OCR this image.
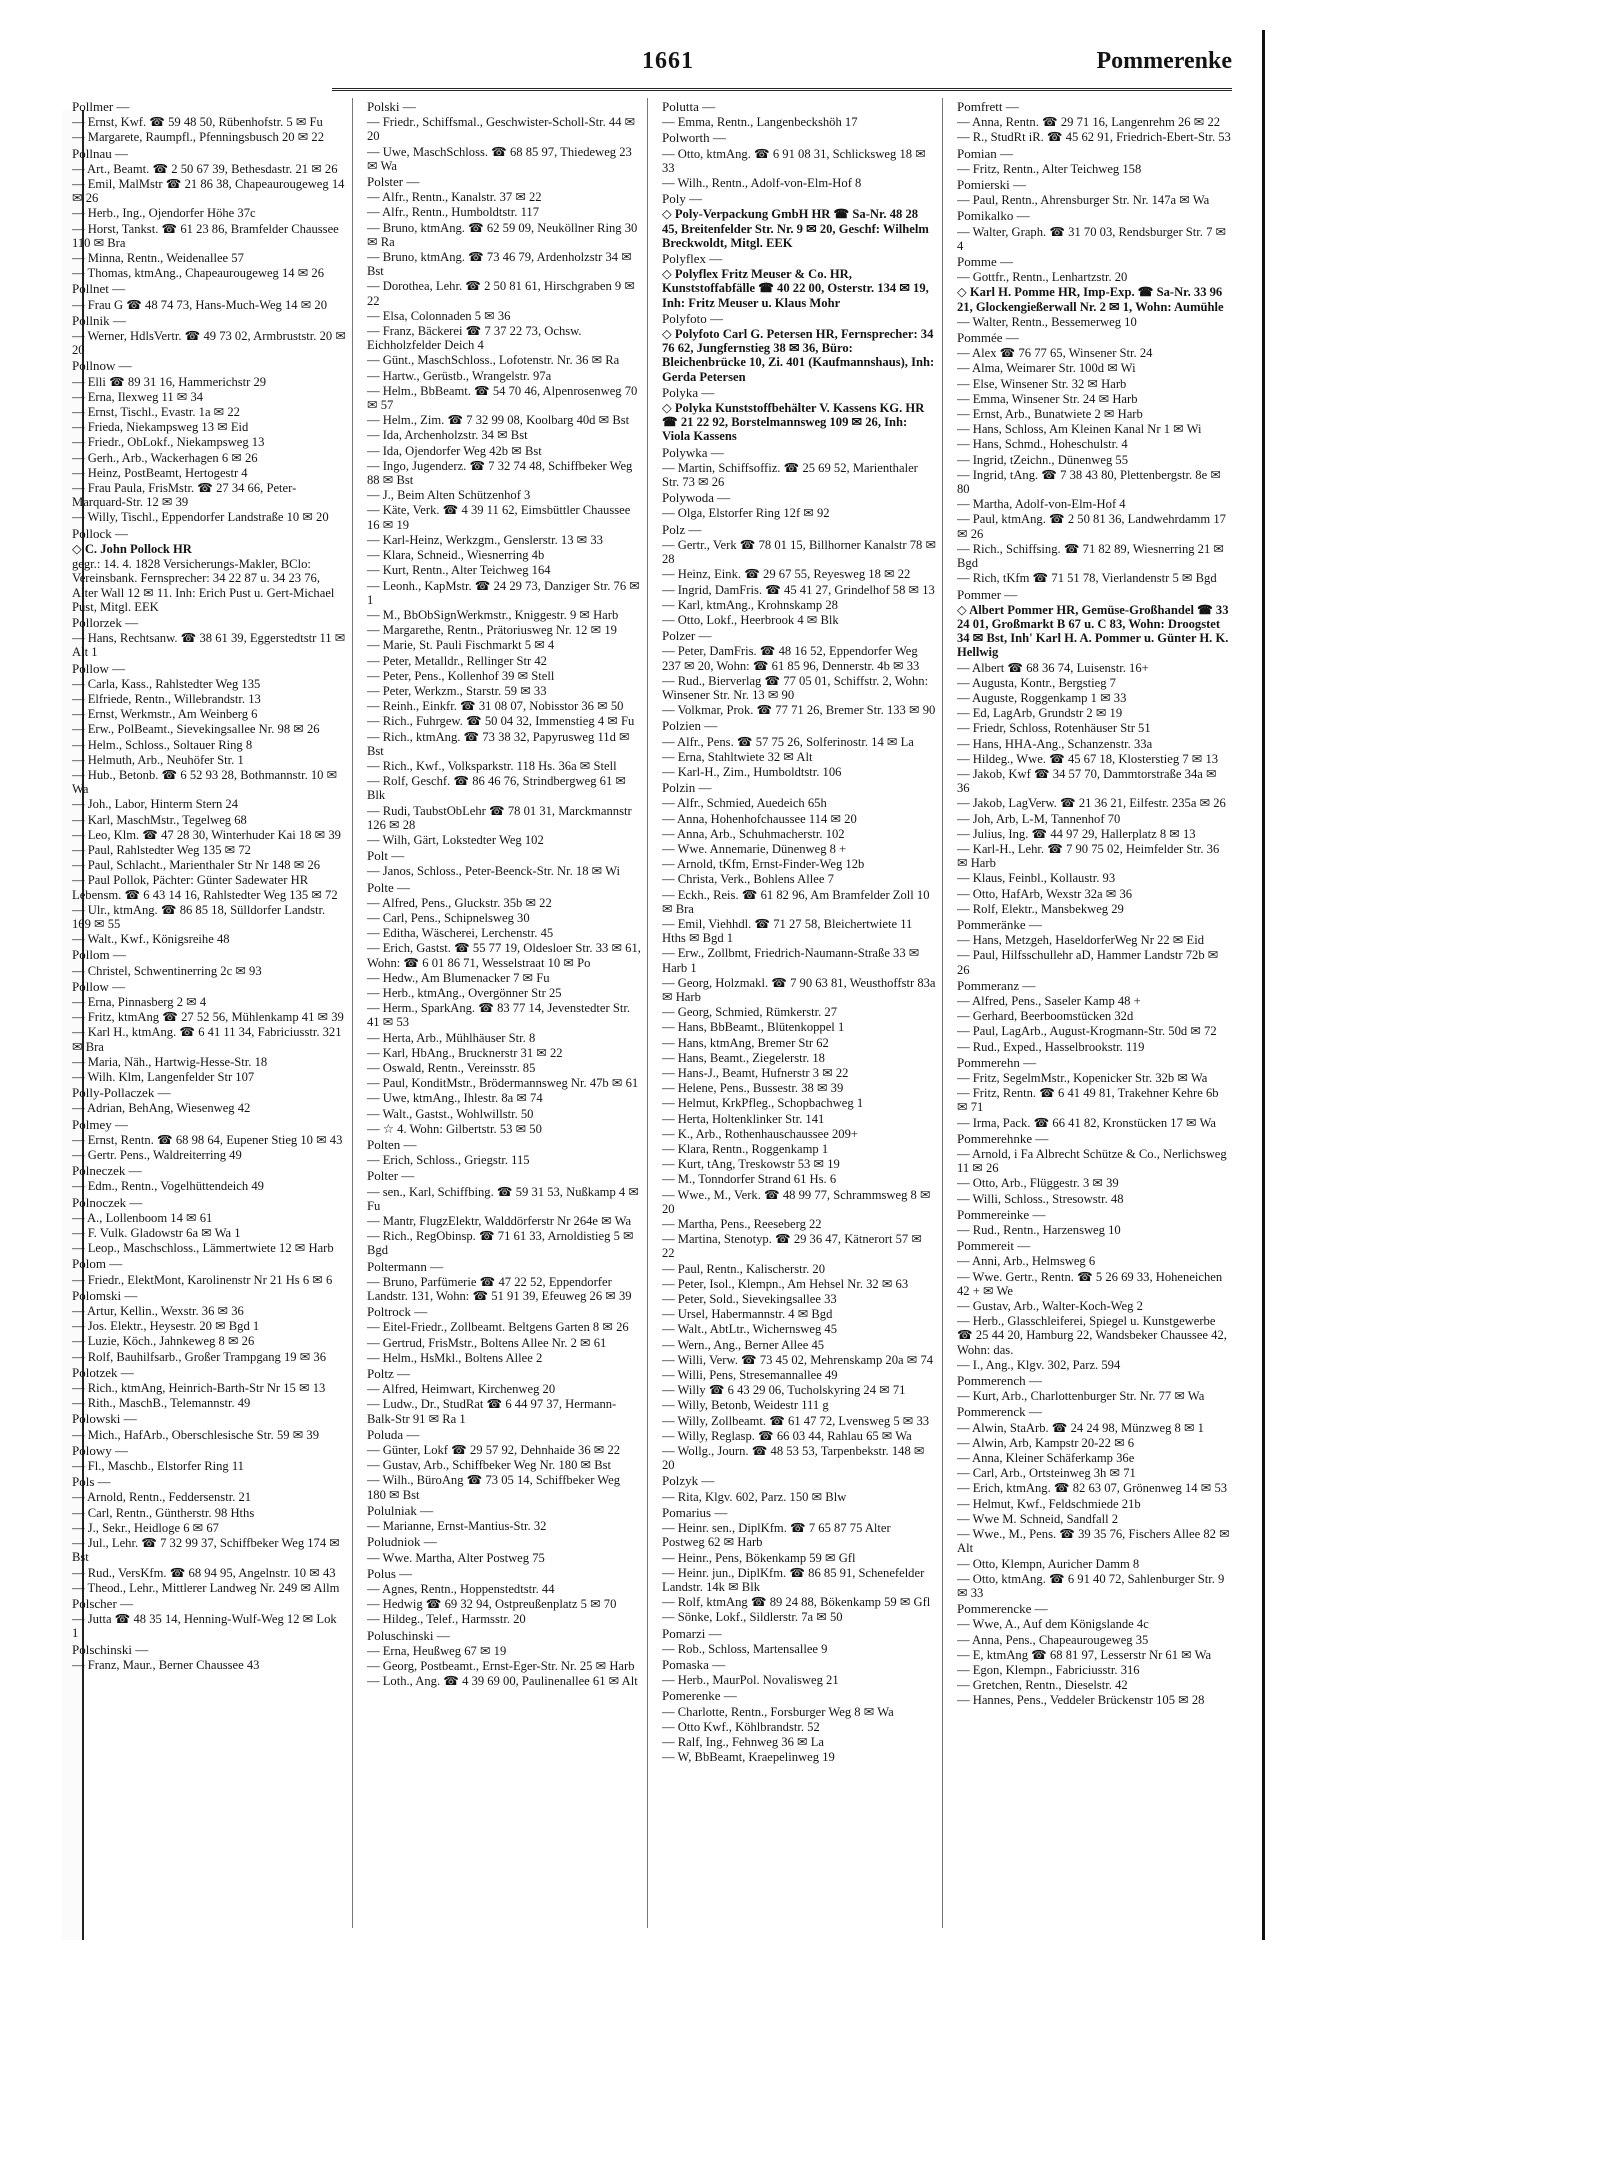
1661	Pommerenke
Pollmer —
— Ernst, Kwf. ☎ 59 48 50, Rübenhofstr. 5 ✉ Fu
— Margarete, Raumpfl., Pfenningsbusch 20 ✉ 22
Pollnau —
— Art., Beamt. ☎ 2 50 67 39, Bethesdastr. 21 ✉ 26
— Emil, MalMstr ☎ 21 86 38, Chapeaurougeweg 14 ✉ 26
— Herb., Ing., Ojendorfer Höhe 37c
— Horst, Tankst. ☎ 61 23 86, Bramfelder Chaussee 110 ✉ Bra
— Minna, Rentn., Weidenallee 57
— Thomas, ktmAng., Chapeaurougeweg 14 ✉ 26
Pollnet —
— Frau G ☎ 48 74 73, Hans-Much-Weg 14 ✉ 20
Pollnik —
— Werner, HdlsVertr. ☎ 49 73 02, Armbruststr. 20 ✉ 20
Pollnow —
— Elli ☎ 89 31 16, Hammerichstr 29
— Erna, Ilexweg 11 ✉ 34
— Ernst, Tischl., Evastr. 1a ✉ 22
— Frieda, Niekampsweg 13 ✉ Eid
— Friedr., ObLokf., Niekampsweg 13
— Gerh., Arb., Wackerhagen 6 ✉ 26
— Heinz, PostBeamt, Hertogestr 4
— Frau Paula, FrisMstr. ☎ 27 34 66, Peter-Marquard-Str. 12 ✉ 39
— Willy, Tischl., Eppendorfer Landstraße 10 ✉ 20
Pollock —
◇ C. John Pollock HR
gegr.: 14. 4. 1828 Versicherungs-Makler, BClo: Vereinsbank. Fernsprecher: 34 22 87 u. 34 23 76, Alter Wall 12 ✉ 11. Inh: Erich Pust u. Gert-Michael Pust, Mitgl. EEK
Pollorzek —
— Hans, Rechtsanw. ☎ 38 61 39, Eggerstedtstr 11 ✉ Alt 1
Pollow —
— Carla, Kass., Rahlstedter Weg 135
— Elfriede, Rentn., Willebrandstr. 13
— Ernst, Werkmstr., Am Weinberg 6
— Erw., PolBeamt., Sievekingsallee Nr. 98 ✉ 26
— Helm., Schloss., Soltauer Ring 8
— Helmuth, Arb., Neuhöfer Str. 1
— Hub., Betonb. ☎ 6 52 93 28, Bothmannstr. 10 ✉ Wa
— Joh., Labor, Hinterm Stern 24
— Karl, MaschMstr., Tegelweg 68
— Leo, Klm. ☎ 47 28 30, Winterhuder Kai 18 ✉ 39
— Paul, Rahlstedter Weg 135 ✉ 72
— Paul, Schlacht., Marienthaler Str Nr 148 ✉ 26
— Paul Pollok, Pächter: Günter Sadewater HR Lebensm. ☎ 6 43 14 16, Rahlstedter Weg 135 ✉ 72
— Ulr., ktmAng. ☎ 86 85 18, Sülldorfer Landstr. 169 ✉ 55
— Walt., Kwf., Königsreihe 48
Pollom —
— Christel, Schwentinerring 2c ✉ 93
Pollow —
— Erna, Pinnasberg 2 ✉ 4
— Fritz, ktmAng ☎ 27 52 56, Mühlenkamp 41 ✉ 39
— Karl H., ktmAng. ☎ 6 41 11 34, Fabriciusstr. 321 ✉ Bra
— Maria, Näh., Hartwig-Hesse-Str. 18
— Wilh. Klm, Langenfelder Str 107
Polly-Pollaczek —
— Adrian, BehAng, Wiesenweg 42
Polmey —
— Ernst, Rentn. ☎ 68 98 64, Eupener Stieg 10 ✉ 43
— Gertr. Pens., Waldreiterring 49
Polneczek —
— Edm., Rentn., Vogelhüttendeich 49
Polnoczek —
— A., Lollenboom 14 ✉ 61
— F. Vulk. Gladowstr 6a ✉ Wa 1
— Leop., Maschschloss., Lämmertwiete 12 ✉ Harb
Polom —
— Friedr., ElektMont, Karolinenstr Nr 21 Hs 6 ✉ 6
Polomski —
— Artur, Kellin., Wexstr. 36 ✉ 36
— Jos. Elektr., Heysestr. 20 ✉ Bgd 1
— Luzie, Köch., Jahnkeweg 8 ✉ 26
— Rolf, Bauhilfsarb., Großer Trampgang 19 ✉ 36
Polotzek —
— Rich., ktmAng, Heinrich-Barth-Str Nr 15 ✉ 13
— Rith., MaschB., Telemannstr. 49
Polowski —
— Mich., HafArb., Oberschlesische Str. 59 ✉ 39
Polowy —
— Fl., Maschb., Elstorfer Ring 11
Pols —
— Arnold, Rentn., Feddersenstr. 21
— Carl, Rentn., Güntherstr. 98 Hths
— J., Sekr., Heidloge 6 ✉ 67
— Jul., Lehr. ☎ 7 32 99 37, Schiffbeker Weg 174 ✉ Bst
— Rud., VersKfm. ☎ 68 94 95, Angelnstr. 10 ✉ 43
— Theod., Lehr., Mittlerer Landweg Nr. 249 ✉ Allm
Polscher —
— Jutta ☎ 48 35 14, Henning-Wulf-Weg 12 ✉ Lok 1
Polschinski —
— Franz, Maur., Berner Chaussee 43
Polski —
— Friedr., Schiffsmal., Geschwister-Scholl-Str. 44 ✉ 20
— Uwe, MaschSchloss. ☎ 68 85 97, Thiedeweg 23 ✉ Wa
Polster —
— Alfr., Rentn., Kanalstr. 37 ✉ 22
— Alfr., Rentn., Humboldtstr. 117
— Bruno, ktmAng. ☎ 62 59 09, Neuköllner Ring 30 ✉ Ra
— Bruno, ktmAng. ☎ 73 46 79, Ardenholzstr 34 ✉ Bst
— Dorothea, Lehr. ☎ 2 50 81 61, Hirschgraben 9 ✉ 22
— Elsa, Colonnaden 5 ✉ 36
— Franz, Bäckerei ☎ 7 37 22 73, Ochsw. Eichholzfelder Deich 4
— Günt., MaschSchloss., Lofotenstr. Nr. 36 ✉ Ra
— Hartw., Gerüstb., Wrangelstr. 97a
— Helm., BbBeamt. ☎ 54 70 46, Alpenrosenweg 70 ✉ 57
— Helm., Zim. ☎ 7 32 99 08, Koolbarg 40d ✉ Bst
— Ida, Archenholzstr. 34 ✉ Bst
— Ida, Ojendorfer Weg 42b ✉ Bst
— Ingo, Jugenderz. ☎ 7 32 74 48, Schiffbeker Weg 88 ✉ Bst
— J., Beim Alten Schützenhof 3
— Käte, Verk. ☎ 4 39 11 62, Eimsbüttler Chaussee 16 ✉ 19
— Karl-Heinz, Werkzgm., Genslerstr. 13 ✉ 33
— Klara, Schneid., Wiesnerring 4b
— Kurt, Rentn., Alter Teichweg 164
— Leonh., KapMstr. ☎ 24 29 73, Danziger Str. 76 ✉ 1
— M., BbObSignWerkmstr., Kniggestr. 9 ✉ Harb
— Margarethe, Rentn., Prätoriusweg Nr. 12 ✉ 19
— Marie, St. Pauli Fischmarkt 5 ✉ 4
— Peter, Metalldr., Rellinger Str 42
— Peter, Pens., Kollenhof 39 ✉ Stell
— Peter, Werkzm., Starstr. 59 ✉ 33
— Reinh., Einkfr. ☎ 31 08 07, Nobisstor 36 ✉ 50
— Rich., Fuhrgew. ☎ 50 04 32, Immenstieg 4 ✉ Fu
— Rich., ktmAng. ☎ 73 38 32, Papyrusweg 11d ✉ Bst
— Rich., Kwf., Volksparkstr. 118 Hs. 36a ✉ Stell
— Rolf, Geschf. ☎ 86 46 76, Strindbergweg 61 ✉ Blk
— Rudi, TaubstObLehr ☎ 78 01 31, Marckmannstr 126 ✉ 28
— Wilh, Gärt, Lokstedter Weg 102
Polt —
— Janos, Schloss., Peter-Beenck-Str. Nr. 18 ✉ Wi
Polte —
— Alfred, Pens., Gluckstr. 35b ✉ 22
— Carl, Pens., Schipnelsweg 30
— Editha, Wäscherei, Lerchenstr. 45
— Erich, Gastst. ☎ 55 77 19, Oldesloer Str. 33 ✉ 61, Wohn: ☎ 6 01 86 71, Wesselstraat 10 ✉ Po
— Hedw., Am Blumenacker 7 ✉ Fu
— Herb., ktmAng., Overgönner Str 25
— Herm., SparkAng. ☎ 83 77 14, Jevenstedter Str. 41 ✉ 53
— Herta, Arb., Mühlhäuser Str. 8
— Karl, HbAng., Brucknerstr 31 ✉ 22
— Oswald, Rentn., Vereinsstr. 85
— Paul, KonditMstr., Brödermannsweg Nr. 47b ✉ 61
— Uwe, ktmAng., Ihlestr. 8a ✉ 74
— Walt., Gastst., Wohlwillstr. 50
— ☆ 4. Wohn: Gilbertstr. 53 ✉ 50
Polten —
— Erich, Schloss., Griegstr. 115
Polter —
— sen., Karl, Schiffbing. ☎ 59 31 53, Nußkamp 4 ✉ Fu
— Mantr, FlugzElektr, Walddörferstr Nr 264e ✉ Wa
— Rich., RegObinsp. ☎ 71 61 33, Arnoldistieg 5 ✉ Bgd
Poltermann —
— Bruno, Parfümerie ☎ 47 22 52, Eppendorfer Landstr. 131, Wohn: ☎ 51 91 39, Efeuweg 26 ✉ 39
Poltrock —
— Eitel-Friedr., Zollbeamt. Beltgens Garten 8 ✉ 26
— Gertrud, FrisMstr., Boltens Allee Nr. 2 ✉ 61
— Helm., HsMkl., Boltens Allee 2
Poltz —
— Alfred, Heimwart, Kirchenweg 20
— Ludw., Dr., StudRat ☎ 6 44 97 37, Hermann-Balk-Str 91 ✉ Ra 1
Poluda —
— Günter, Lokf ☎ 29 57 92, Dehnhaide 36 ✉ 22
— Gustav, Arb., Schiffbeker Weg Nr. 180 ✉ Bst
— Wilh., BüroAng ☎ 73 05 14, Schiffbeker Weg 180 ✉ Bst
Polulniak —
— Marianne, Ernst-Mantius-Str. 32
Poludniok —
— Wwe. Martha, Alter Postweg 75
Polus —
— Agnes, Rentn., Hoppenstedtstr. 44
— Hedwig ☎ 69 32 94, Ostpreußenplatz 5 ✉ 70
— Hildeg., Telef., Harmsstr. 20
Poluschinski —
— Erna, Heußweg 67 ✉ 19
— Georg, Postbeamt., Ernst-Eger-Str. Nr. 25 ✉ Harb
— Loth., Ang. ☎ 4 39 69 00, Paulinenallee 61 ✉ Alt
Polutta —
— Emma, Rentn., Langenbeckshöh 17
Polworth —
— Otto, ktmAng. ☎ 6 91 08 31, Schlicksweg 18 ✉ 33
— Wilh., Rentn., Adolf-von-Elm-Hof 8
Poly —
◇ Poly-Verpackung GmbH HR ☎ Sa-Nr. 48 28 45, Breitenfelder Str. Nr. 9 ✉ 20, Geschf: Wilhelm Breckwoldt, Mitgl. EEK
Polyflex —
◇ Polyflex Fritz Meuser & Co. HR, Kunststoffabfälle ☎ 40 22 00, Osterstr. 134 ✉ 19, Inh: Fritz Meuser u. Klaus Mohr
Polyfoto —
◇ Polyfoto Carl G. Petersen HR, Fernsprecher: 34 76 62, Jungfernstieg 38 ✉ 36, Büro: Bleichenbrücke 10, Zi. 401 (Kaufmannshaus), Inh: Gerda Petersen
Polyka —
◇ Polyka Kunststoffbehälter V. Kassens KG. HR ☎ 21 22 92, Borstelmannsweg 109 ✉ 26, Inh: Viola Kassens
Polywka —
— Martin, Schiffsoffiz. ☎ 25 69 52, Marienthaler Str. 73 ✉ 26
Polywoda —
— Olga, Elstorfer Ring 12f ✉ 92
Polz —
— Gertr., Verk ☎ 78 01 15, Billhorner Kanalstr 78 ✉ 28
— Heinz, Eink. ☎ 29 67 55, Reyesweg 18 ✉ 22
— Ingrid, DamFris. ☎ 45 41 27, Grindelhof 58 ✉ 13
— Karl, ktmAng., Krohnskamp 28
— Otto, Lokf., Heerbrook 4 ✉ Blk
Polzer —
— Peter, DamFris. ☎ 48 16 52, Eppendorfer Weg 237 ✉ 20, Wohn: ☎ 61 85 96, Dennerstr. 4b ✉ 33
— Rud., Bierverlag ☎ 77 05 01, Schiffstr. 2, Wohn: Winsener Str. Nr. 13 ✉ 90
— Volkmar, Prok. ☎ 77 71 26, Bremer Str. 133 ✉ 90
Polzien —
— Alfr., Pens. ☎ 57 75 26, Solferinostr. 14 ✉ La
— Erna, Stahltwiete 32 ✉ Alt
— Karl-H., Zim., Humboldtstr. 106
Polzin —
— Alfr., Schmied, Auedeich 65h
— Anna, Hohenhofchaussee 114 ✉ 20
— Anna, Arb., Schuhmacherstr. 102
— Wwe. Annemarie, Dünenweg 8 +
— Arnold, tKfm, Ernst-Finder-Weg 12b
— Christa, Verk., Bohlens Allee 7
— Eckh., Reis. ☎ 61 82 96, Am Bramfelder Zoll 10 ✉ Bra
— Emil, Viehhdl. ☎ 71 27 58, Bleichertwiete 11 Hths ✉ Bgd 1
— Erw., Zollbmt, Friedrich-Naumann-Straße 33 ✉ Harb 1
— Georg, Holzmakl. ☎ 7 90 63 81, Weusthoffstr 83a ✉ Harb
— Georg, Schmied, Rümkerstr. 27
— Hans, BbBeamt., Blütenkoppel 1
— Hans, ktmAng, Bremer Str 62
— Hans, Beamt., Ziegelerstr. 18
— Hans-J., Beamt, Hufnerstr 3 ✉ 22
— Helene, Pens., Bussestr. 38 ✉ 39
— Helmut, KrkPfleg., Schopbachweg 1
— Herta, Holtenklinker Str. 141
— K., Arb., Rothenhauschaussee 209+
— Klara, Rentn., Roggenkamp 1
— Kurt, tAng, Treskowstr 53 ✉ 19
— M., Tonndorfer Strand 61 Hs. 6
— Wwe., M., Verk. ☎ 48 99 77, Schrammsweg 8 ✉ 20
— Martha, Pens., Reeseberg 22
— Martina, Stenotyp. ☎ 29 36 47, Kätnerort 57 ✉ 22
— Paul, Rentn., Kalischerstr. 20
— Peter, Isol., Klempn., Am Hehsel Nr. 32 ✉ 63
— Peter, Sold., Sievekingsallee 33
— Ursel, Habermannstr. 4 ✉ Bgd
— Walt., AbtLtr., Wichernsweg 45
— Wern., Ang., Berner Allee 45
— Willi, Verw. ☎ 73 45 02, Mehrenskamp 20a ✉ 74
— Willi, Pens, Stresemannallee 49
— Willy ☎ 6 43 29 06, Tucholskyring 24 ✉ 71
— Willy, Betonb, Weidestr 111 g
— Willy, Zollbeamt. ☎ 61 47 72, Lvensweg 5 ✉ 33
— Willy, Reglasp. ☎ 66 03 44, Rahlau 65 ✉ Wa
— Wollg., Journ. ☎ 48 53 53, Tarpenbekstr. 148 ✉ 20
Polzyk —
— Rita, Klgv. 602, Parz. 150 ✉ Blw
Pomarius —
— Heinr. sen., DiplKfm. ☎ 7 65 87 75 Alter Postweg 62 ✉ Harb
— Heinr., Pens, Bökenkamp 59 ✉ Gfl
— Heinr. jun., DiplKfm. ☎ 86 85 91, Schenefelder Landstr. 14k ✉ Blk
— Rolf, ktmAng ☎ 89 24 88, Bökenkamp 59 ✉ Gfl
— Sönke, Lokf., Sildlerstr. 7a ✉ 50
Pomarzi —
— Rob., Schloss, Martensallee 9
Pomaska —
— Herb., MaurPol. Novalisweg 21
Pomerenke —
— Charlotte, Rentn., Forsburger Weg 8 ✉ Wa
— Otto Kwf., Köhlbrandstr. 52
— Ralf, Ing., Fehnweg 36 ✉ La
— W, BbBeamt, Kraepelinweg 19
Pomfrett —
— Anna, Rentn. ☎ 29 71 16, Langenrehm 26 ✉ 22
— R., StudRt iR. ☎ 45 62 91, Friedrich-Ebert-Str. 53
Pomian —
— Fritz, Rentn., Alter Teichweg 158
Pomierski —
— Paul, Rentn., Ahrensburger Str. Nr. 147a ✉ Wa
Pomikalko —
— Walter, Graph. ☎ 31 70 03, Rendsburger Str. 7 ✉ 4
Pomme —
— Gottfr., Rentn., Lenhartzstr. 20
◇ Karl H. Pomme HR, Imp-Exp. ☎ Sa-Nr. 33 96 21, Glockengießerwall Nr. 2 ✉ 1, Wohn: Aumühle
— Walter, Rentn., Bessemerweg 10
Pommée —
— Alex ☎ 76 77 65, Winsener Str. 24
— Alma, Weimarer Str. 100d ✉ Wi
— Else, Winsener Str. 32 ✉ Harb
— Emma, Winsener Str. 24 ✉ Harb
— Ernst, Arb., Bunatwiete 2 ✉ Harb
— Hans, Schloss, Am Kleinen Kanal Nr 1 ✉ Wi
— Hans, Schmd., Hoheschulstr. 4
— Ingrid, tZeichn., Dünenweg 55
— Ingrid, tAng. ☎ 7 38 43 80, Plettenbergstr. 8e ✉ 80
— Martha, Adolf-von-Elm-Hof 4
— Paul, ktmAng. ☎ 2 50 81 36, Landwehrdamm 17 ✉ 26
— Rich., Schiffsing. ☎ 71 82 89, Wiesnerring 21 ✉ Bgd
— Rich, tKfm ☎ 71 51 78, Vierlandenstr 5 ✉ Bgd
Pommer —
◇ Albert Pommer HR, Gemüse-Großhandel ☎ 33 24 01, Großmarkt B 67 u. C 83, Wohn: Droogstet 34 ✉ Bst, Inh' Karl H. A. Pommer u. Günter H. K. Hellwig
— Albert ☎ 68 36 74, Luisenstr. 16+
— Augusta, Kontr., Bergstieg 7
— Auguste, Roggenkamp 1 ✉ 33
— Ed, LagArb, Grundstr 2 ✉ 19
— Friedr, Schloss, Rotenhäuser Str 51
— Hans, HHA-Ang., Schanzenstr. 33a
— Hildeg., Wwe. ☎ 45 67 18, Klosterstieg 7 ✉ 13
— Jakob, Kwf ☎ 34 57 70, Dammtorstraße 34a ✉ 36
— Jakob, LagVerw. ☎ 21 36 21, Eilfestr. 235a ✉ 26
— Joh, Arb, L-M, Tannenhof 70
— Julius, Ing. ☎ 44 97 29, Hallerplatz 8 ✉ 13
— Karl-H., Lehr. ☎ 7 90 75 02, Heimfelder Str. 36 ✉ Harb
— Klaus, Feinbl., Kollaustr. 93
— Otto, HafArb, Wexstr 32a ✉ 36
— Rolf, Elektr., Mansbekweg 29
Pommeränke —
— Hans, Metzgeh, HaseldorferWeg Nr 22 ✉ Eid
— Paul, Hilfsschullehr aD, Hammer Landstr 72b ✉ 26
Pommeranz —
— Alfred, Pens., Saseler Kamp 48 +
— Gerhard, Beerboomstücken 32d
— Paul, LagArb., August-Krogmann-Str. 50d ✉ 72
— Rud., Exped., Hasselbrookstr. 119
Pommerehn —
— Fritz, SegelmMstr., Kopenicker Str. 32b ✉ Wa
— Fritz, Rentn. ☎ 6 41 49 81, Trakehner Kehre 6b ✉ 71
— Irma, Pack. ☎ 66 41 82, Kronstücken 17 ✉ Wa
Pommerehnke —
— Arnold, i Fa Albrecht Schütze & Co., Nerlichsweg 11 ✉ 26
— Otto, Arb., Flüggestr. 3 ✉ 39
— Willi, Schloss., Stresowstr. 48
Pommereinke —
— Rud., Rentn., Harzensweg 10
Pommereit —
— Anni, Arb., Helmsweg 6
— Wwe. Gertr., Rentn. ☎ 5 26 69 33, Hoheneichen 42 + ✉ We
— Gustav, Arb., Walter-Koch-Weg 2
— Herb., Glasschleiferei, Spiegel u. Kunstgewerbe ☎ 25 44 20, Hamburg 22, Wandsbeker Chaussee 42, Wohn: das.
— I., Ang., Klgv. 302, Parz. 594
Pommerench —
— Kurt, Arb., Charlottenburger Str. Nr. 77 ✉ Wa
Pommerenck —
— Alwin, StaArb. ☎ 24 24 98, Münzweg 8 ✉ 1
— Alwin, Arb, Kampstr 20-22 ✉ 6
— Anna, Kleiner Schäferkamp 36e
— Carl, Arb., Ortsteinweg 3h ✉ 71
— Erich, ktmAng. ☎ 82 63 07, Grönenweg 14 ✉ 53
— Helmut, Kwf., Feldschmiede 21b
— Wwe M. Schneid, Sandfall 2
— Wwe., M., Pens. ☎ 39 35 76, Fischers Allee 82 ✉ Alt
— Otto, Klempn, Auricher Damm 8
— Otto, ktmAng. ☎ 6 91 40 72, Sahlenburger Str. 9 ✉ 33
Pommerencke —
— Wwe, A., Auf dem Königslande 4c
— Anna, Pens., Chapeaurougeweg 35
— E, ktmAng ☎ 68 81 97, Lesserstr Nr 61 ✉ Wa
— Egon, Klempn., Fabriciusstr. 316
— Gretchen, Rentn., Dieselstr. 42
— Hannes, Pens., Veddeler Brückenstr 105 ✉ 28
